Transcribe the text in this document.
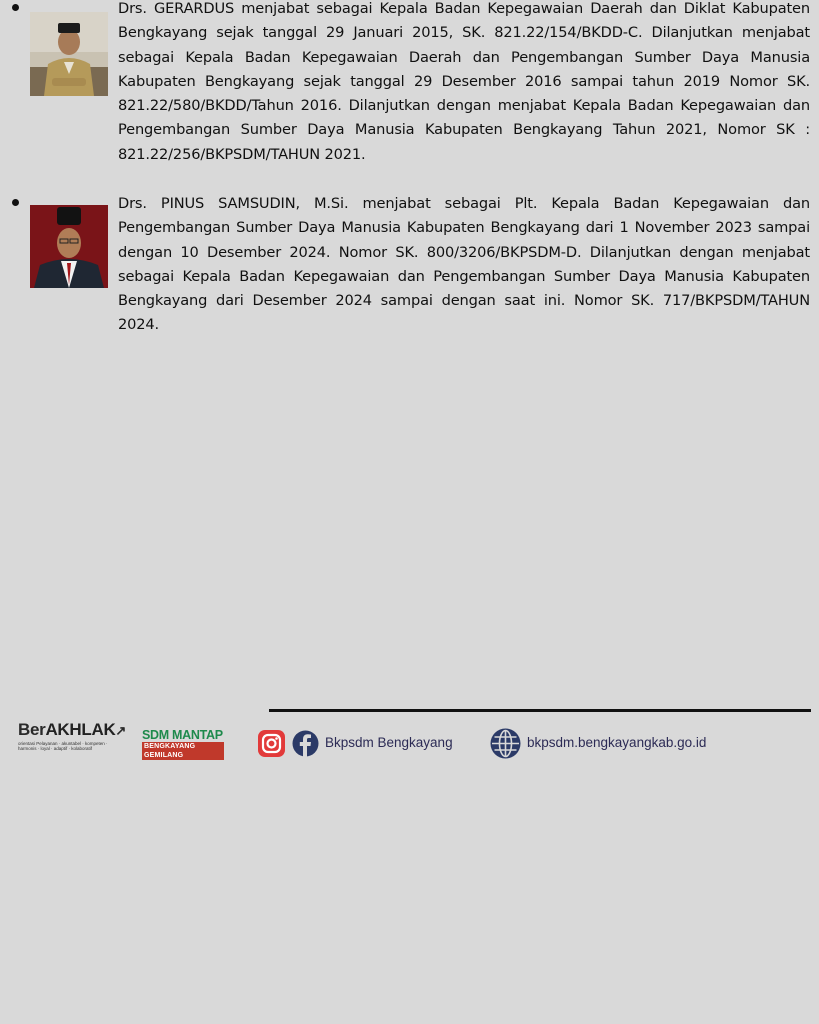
Drs. GERARDUS menjabat sebagai Kepala Badan Kepegawaian Daerah dan Diklat Kabupaten Bengkayang sejak tanggal 29 Januari 2015, SK. 821.22/154/BKDD-C. Dilanjutkan menjabat sebagai Kepala Badan Kepegawaian Daerah dan Pengembangan Sumber Daya Manusia Kabupaten Bengkayang sejak tanggal 29 Desember 2016 sampai tahun 2019 Nomor SK. 821.22/580/BKDD/Tahun 2016. Dilanjutkan dengan menjabat Kepala Badan Kepegawaian dan Pengembangan Sumber Daya Manusia Kabupaten Bengkayang Tahun 2021, Nomor SK : 821.22/256/BKPSDM/TAHUN 2021.

Drs. PINUS SAMSUDIN, M.Si. menjabat sebagai Plt. Kepala Badan Kepegawaian dan Pengembangan Sumber Daya Manusia Kabupaten Bengkayang dari 1 November 2023 sampai dengan 10 Desember 2024. Nomor SK. 800/3206/BKPSDM-D. Dilanjutkan dengan menjabat sebagai Kepala Badan Kepegawaian dan Pengembangan Sumber Daya Manusia Kabupaten Bengkayang dari Desember 2024 sampai dengan saat ini. Nomor SK. 717/BKPSDM/TAHUN 2024.

BerAKHLAK↗
orientasi Pelayanan · akuntabel · kompeten · harmonis · loyal · adaptif · kolaboratif
SDM MANTAP
BENGKAYANG GEMILANG
Bkpsdm Bengkayang	bkpsdm.bengkayangkab.go.id
